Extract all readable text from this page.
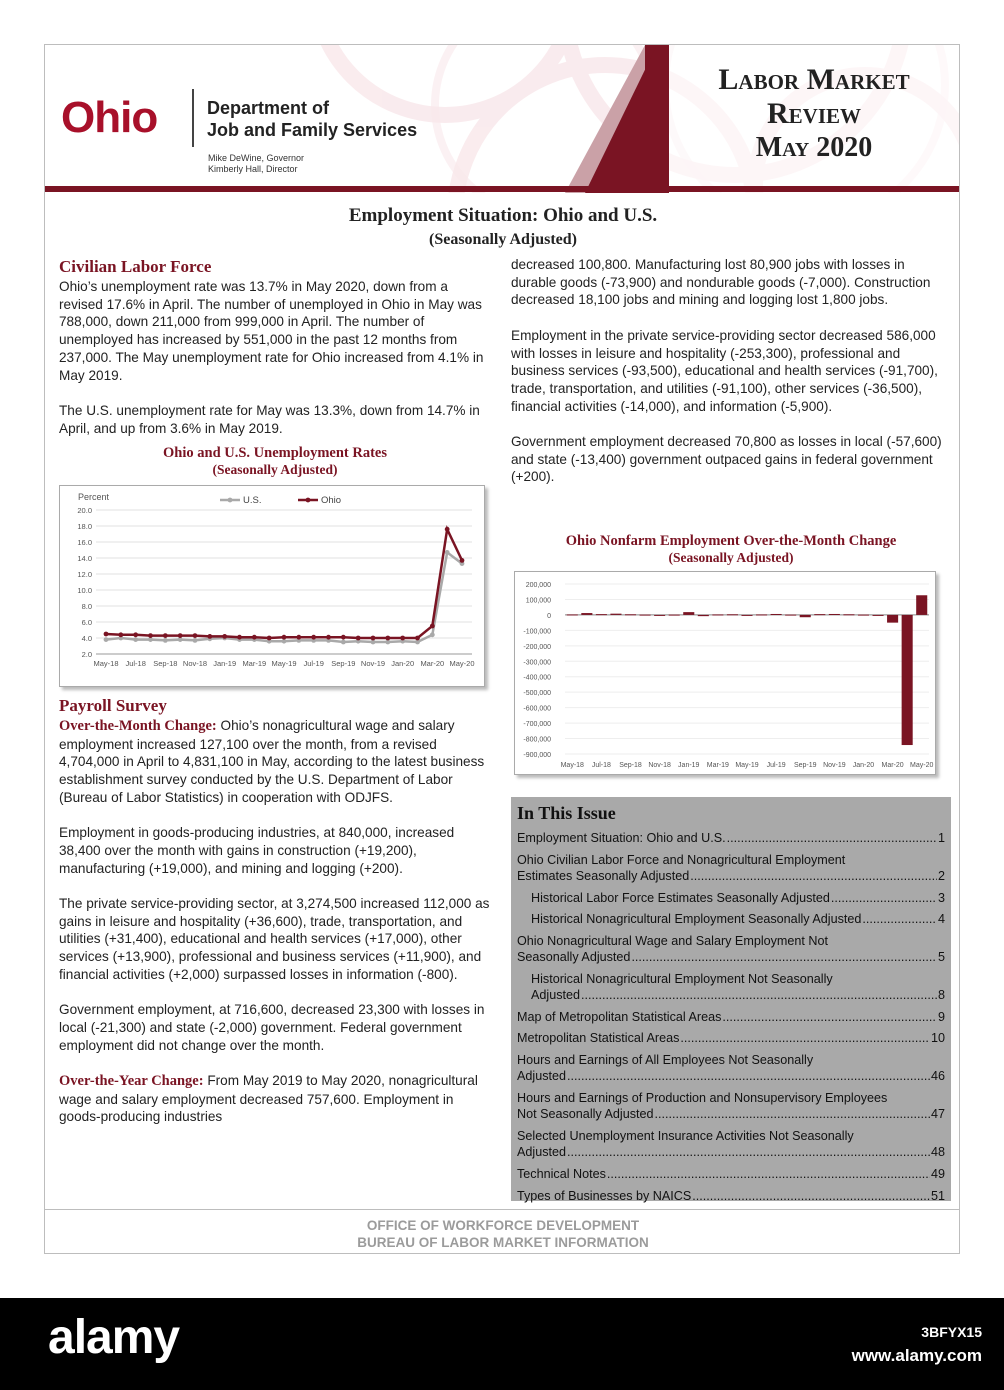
Ohio	Department of
Job and Family Services
Mike DeWine, Governor
Kimberly Hall, Director
Labor Market
Review
May 2020
Employment Situation: Ohio and U.S.
(Seasonally Adjusted)
Civilian Labor Force

Ohio’s unemployment rate was 13.7% in May 2020, down from a revised 17.6% in April. The number of unemployed in Ohio in May was 788,000, down 211,000 from 999,000 in April. The number of unemployed has increased by 551,000 in the past 12 months from 237,000. The May unemployment rate for Ohio increased from 4.1% in May 2019.

The U.S. unemployment rate for May was 13.3%, down from 14.7% in April, and up from 3.6% in May 2019.

Ohio and U.S. Unemployment Rates
(Seasonally Adjusted)
Percent
2.0
4.0
6.0
8.0
10.0
12.0
14.0
16.0
18.0
20.0
May-18 Jul-18 Sep-18 Nov-18 Jan-19 Mar-19 May-19 Jul-19 Sep-19 Nov-19 Jan-20 Mar-20 May-20
U.S.	Ohio
Payroll Survey

Over-the-Month Change: Ohio’s nonagricultural wage and salary employment increased 127,100 over the month, from a revised 4,704,000 in April to 4,831,100 in May, according to the latest business establishment survey conducted by the U.S. Department of Labor (Bureau of Labor Statistics) in cooperation with ODJFS.

Employment in goods-producing industries, at 840,000, increased 38,400 over the month with gains in construction (+19,200), manufacturing (+19,000), and mining and logging (+200).

The private service-providing sector, at 3,274,500 increased 112,000 as gains in leisure and hospitality (+36,600), trade, transportation, and utilities (+31,400), educational and health services (+17,000), other services (+13,900), professional and business services (+11,900), and financial activities (+2,000) surpassed losses in information (-800).

Government employment, at 716,600, decreased 23,300 with losses in local (-21,300) and state (-2,000) government. Federal government employment did not change over the month.

Over-the-Year Change: From May 2019 to May 2020, nonagricultural wage and salary employment decreased 757,600. Employment in goods-producing industries

decreased 100,800. Manufacturing lost 80,900 jobs with losses in durable goods (-73,900) and nondurable goods (-7,000). Construction decreased 18,100 jobs and mining and logging lost 1,800 jobs.

Employment in the private service-providing sector decreased 586,000 with losses in leisure and hospitality (-253,300), professional and business services (-93,500), educational and health services (-91,700), trade, transportation, and utilities (-91,100), other services (-36,500), financial activities (-14,000), and information (-5,900).

Government employment decreased 70,800 as losses in local (-57,600) and state (-13,400) government outpaced gains in federal government (+200).

Ohio Nonfarm Employment Over-the-Month Change
(Seasonally Adjusted)
-900,000
-800,000
-700,000
-600,000
-500,000
-400,000
-300,000
-200,000
-100,000
0
100,000
200,000
May-18 Jul-18 Sep-18 Nov-18 Jan-19 Mar-19 May-19 Jul-19 Sep-19 Nov-19 Jan-20 Mar-20 May-20
In This Issue
Employment Situation: Ohio and U.S. .....	1
Ohio Civilian Labor Force and Nonagricultural Employment
Estimates Seasonally Adjusted .....	2
Historical Labor Force Estimates Seasonally Adjusted .....	3
Historical Nonagricultural Employment Seasonally Adjusted .....	4
Ohio Nonagricultural Wage and Salary Employment Not
Seasonally Adjusted .....	5
Historical Nonagricultural Employment Not Seasonally
Adjusted .....	8
Map of Metropolitan Statistical Areas .....	9
Metropolitan Statistical Areas .....	10
Hours and Earnings of All Employees Not Seasonally
Adjusted .....	46
Hours and Earnings of Production and Nonsupervisory Employees
Not Seasonally Adjusted .....	47
Selected Unemployment Insurance Activities Not Seasonally
Adjusted .....	48
Technical Notes .....	49
Types of Businesses by NAICS .....	51
OFFICE OF WORKFORCE DEVELOPMENT
BUREAU OF LABOR MARKET INFORMATION
alamy	3BFYX15
www.alamy.com
